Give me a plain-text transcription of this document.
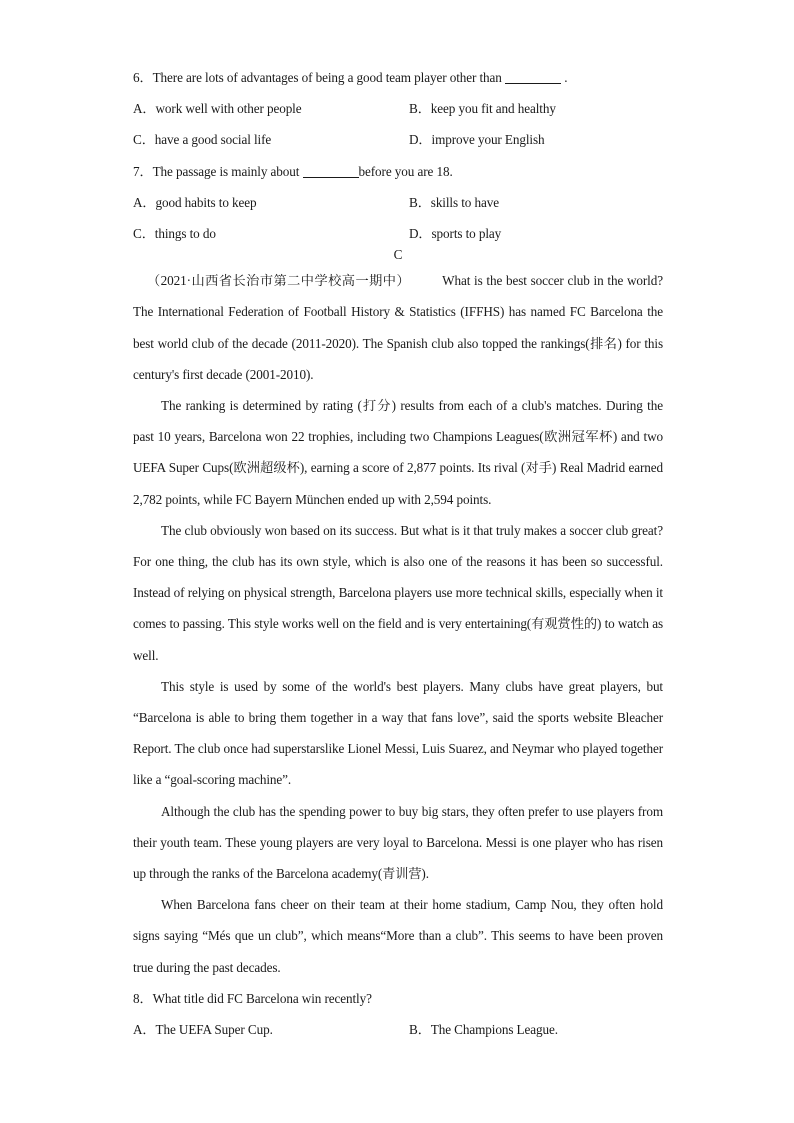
6．There are lots of advantages of being a good team player other than	.
A．work well with other people	B．keep you fit and healthy
C．have a good social life	D．improve your English
7．The passage is mainly about	before you are 18.
A．good habits to keep	B．skills to have
C．things to do	D．sports to play
C

（2021·山西省长治市第二中学校高一期中） What is the best soccer club in the world? The International Federation of Football History & Statistics (IFFHS) has named FC Barcelona the best world club of the decade (2011-2020). The Spanish club also topped the rankings(排名) for this century's first decade (2001-2010).

The ranking is determined by rating (打分) results from each of a club's matches. During the past 10 years, Barcelona won 22 trophies, including two Champions Leagues(欧洲冠军杯) and two UEFA Super Cups(欧洲超级杯), earning a score of 2,877 points. Its rival (对手) Real Madrid earned 2,782 points, while FC Bayern München ended up with 2,594 points.

The club obviously won based on its success. But what is it that truly makes a soccer club great? For one thing, the club has its own style, which is also one of the reasons it has been so successful. Instead of relying on physical strength, Barcelona players use more technical skills, especially when it comes to passing. This style works well on the field and is very entertaining(有观赏性的) to watch as well.

This style is used by some of the world's best players. Many clubs have great players, but “Barcelona is able to bring them together in a way that fans love”, said the sports website Bleacher Report. The club once had superstarslike Lionel Messi, Luis Suarez, and Neymar who played together like a “goal-scoring machine”.

Although the club has the spending power to buy big stars, they often prefer to use players from their youth team. These young players are very loyal to Barcelona. Messi is one player who has risen up through the ranks of the Barcelona academy(青训营).

When Barcelona fans cheer on their team at their home stadium, Camp Nou, they often hold signs saying “Més que un club”, which means“More than a club”. This seems to have been proven true during the past decades.

8．What title did FC Barcelona win recently?
A．The UEFA Super Cup.	B．The Champions League.
